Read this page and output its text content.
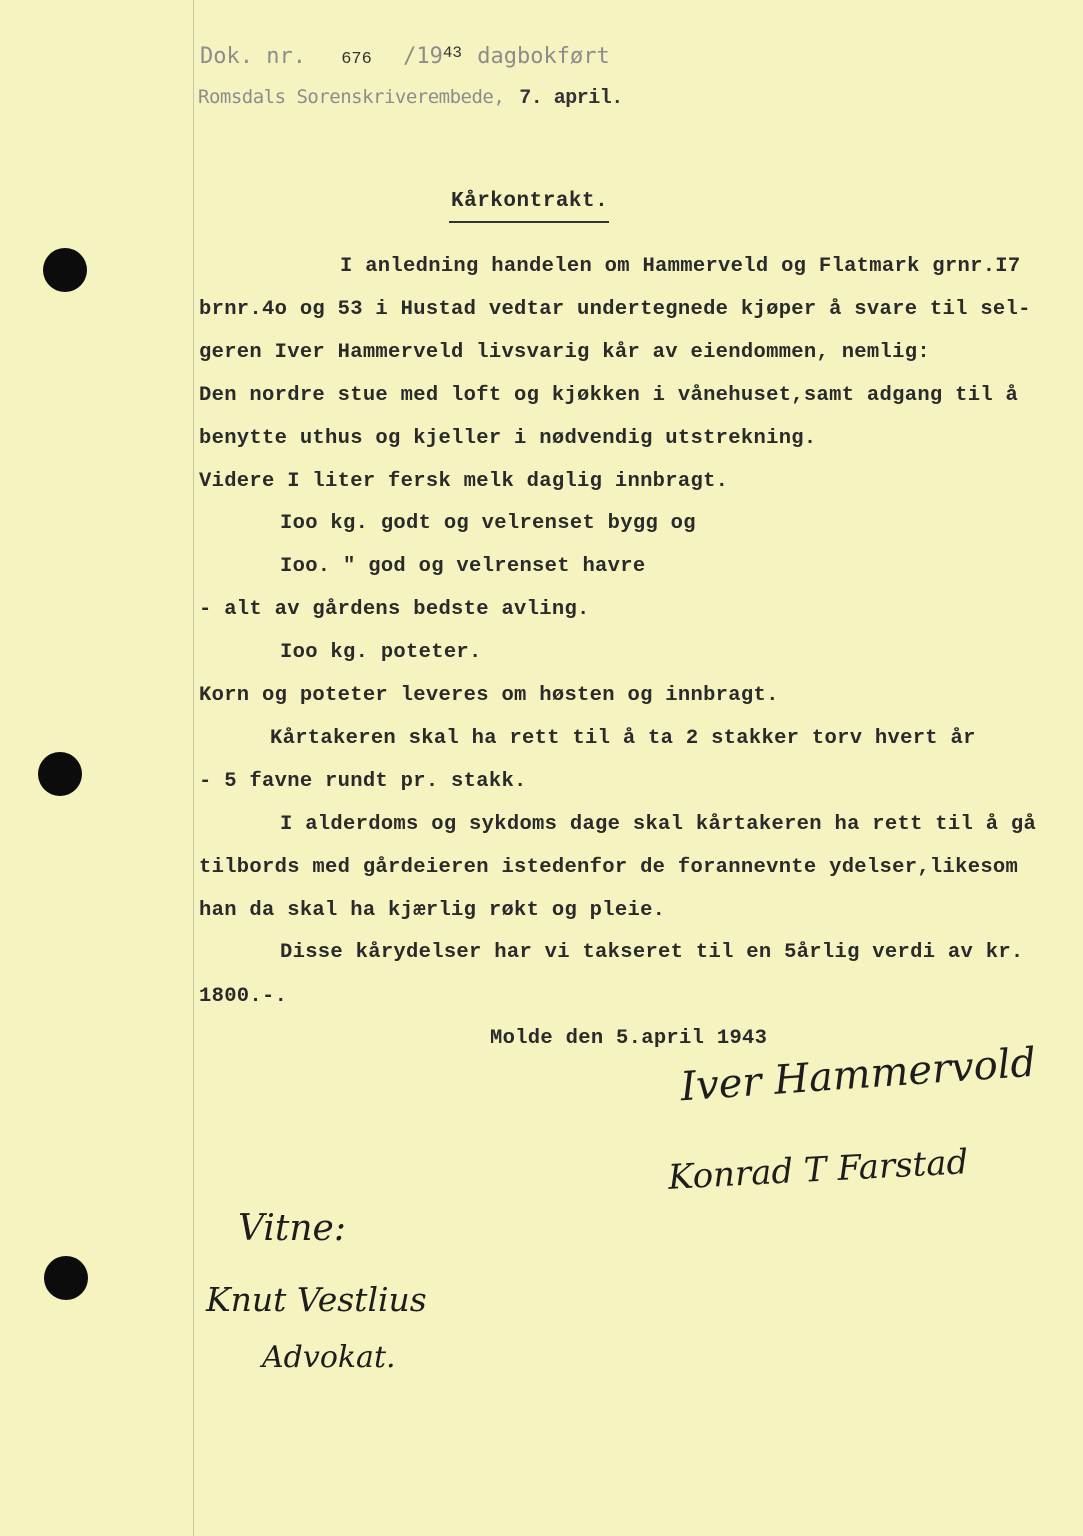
Dok. nr. 676 $/19^{43}$ dagbokført
Romsdals Sorenskriverembede, 7. april.
Kårkontrakt.
I anledning handelen om Hammerveld og Flatmark grnr.I7
brnr.4o og 53 i Hustad vedtar undertegnede kjøper å svare til sel-
geren Iver Hammerveld livsvarig kår av eiendommen, nemlig:
Den nordre stue med loft og kjøkken i vånehuset,samt adgang til å
benytte uthus og kjeller i nødvendig utstrekning.
Videre I liter fersk melk daglig innbragt.
Ioo kg. godt og velrenset bygg og
Ioo. " god og velrenset havre
- alt av gårdens bedste avling.
Ioo kg. poteter.
Korn og poteter leveres om høsten og innbragt.
Kårtakeren skal ha rett til å ta 2 stakker torv hvert år
- 5 favne rundt pr. stakk.
I alderdoms og sykdoms dage skal kårtakeren ha rett til å gå
tilbords med gårdeieren istedenfor de forannevnte ydelser,likesom
han da skal ha kjærlig røkt og pleie.
Disse kårydelser har vi takseret til en 5årlig verdi av kr.
1800.-.
Molde den 5.april 1943
Iver Hammervold
Konrad T Farstad
Vitne:
Knut Vestlius
Advokat.
